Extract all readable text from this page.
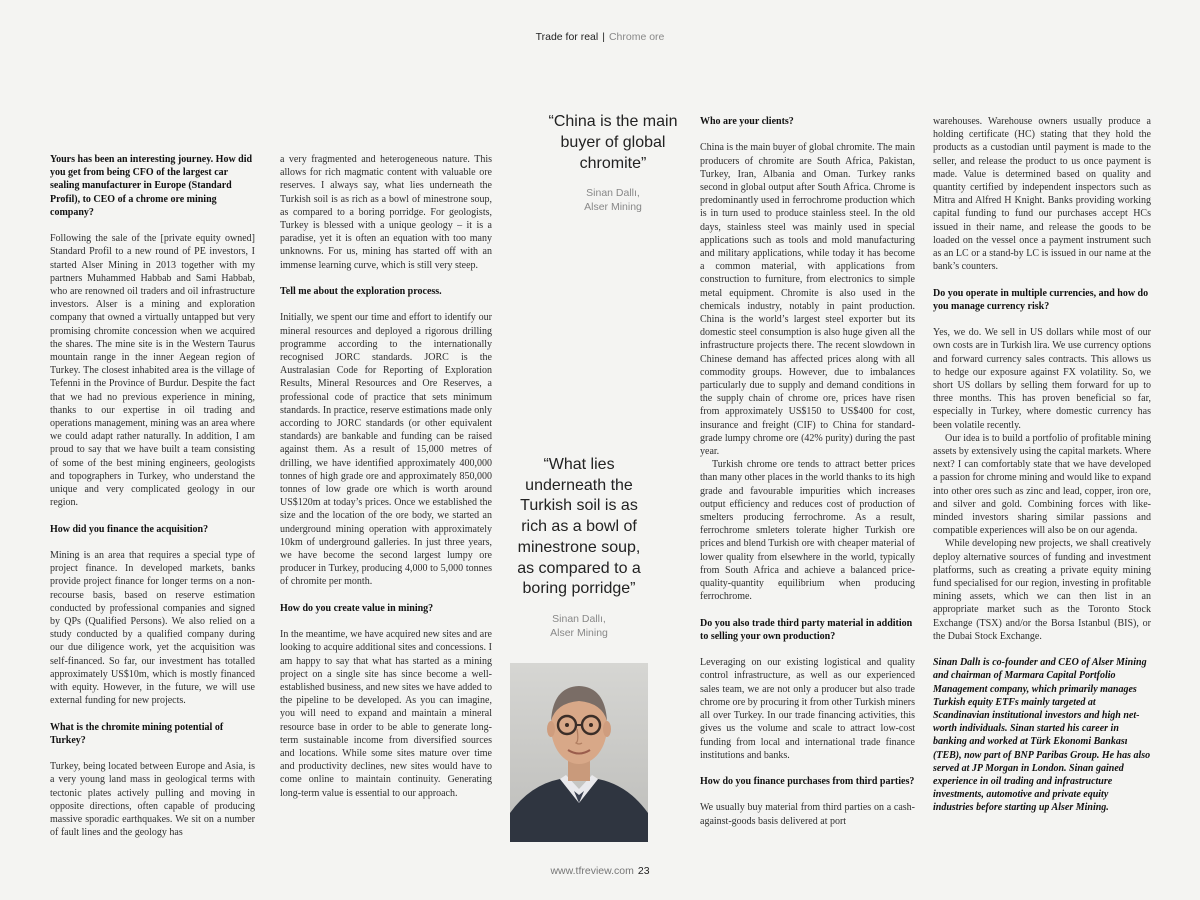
Trade for real | Chrome ore

Yours has been an interesting journey. How did you get from being CFO of the largest car sealing manufacturer in Europe (Standard Profil), to CEO of a chrome ore mining company?

Following the sale of the [private equity owned] Standard Profil to a new round of PE investors, I started Alser Mining in 2013 together with my partners Muhammed Habbab and Sami Habbab, who are renowned oil traders and oil infrastructure investors. Alser is a mining and exploration company that owned a virtually untapped but very promising chromite concession when we acquired the shares. The mine site is in the Western Taurus mountain range in the inner Aegean region of Turkey. The closest inhabited area is the village of Tefenni in the Province of Burdur. Despite the fact that we had no previous experience in mining, thanks to our expertise in oil trading and operations management, mining was an area where we could adapt rather naturally. In addition, I am proud to say that we have built a team consisting of some of the best mining engineers, geologists and topographers in Turkey, who understand the unique and very complicated geology in our region.

How did you finance the acquisition?

Mining is an area that requires a special type of project finance. In developed markets, banks provide project finance for longer terms on a non-recourse basis, based on reserve estimation conducted by professional companies and signed by QPs (Qualified Persons). We also relied on a study conducted by a qualified company during our due diligence work, yet the acquisition was self-financed. So far, our investment has totalled approximately US$10m, which is mostly financed with equity. However, in the future, we will use external funding for new projects.

What is the chromite mining potential of Turkey?

Turkey, being located between Europe and Asia, is a very young land mass in geological terms with tectonic plates actively pulling and moving in opposite directions, often capable of producing massive sporadic earthquakes. We sit on a number of fault lines and the geology has

a very fragmented and heterogeneous nature. This allows for rich magmatic content with valuable ore reserves. I always say, what lies underneath the Turkish soil is as rich as a bowl of minestrone soup, as compared to a boring porridge. For geologists, Turkey is blessed with a unique geology – it is a paradise, yet it is often an equation with too many unknowns. For us, mining has started off with an immense learning curve, which is still very steep.

Tell me about the exploration process.

Initially, we spent our time and effort to identify our mineral resources and deployed a rigorous drilling programme according to the internationally recognised JORC standards. JORC is the Australasian Code for Reporting of Exploration Results, Mineral Resources and Ore Reserves, a professional code of practice that sets minimum standards. In practice, reserve estimations made only according to JORC standards (or other equivalent standards) are bankable and funding can be raised against them. As a result of 15,000 metres of drilling, we have identified approximately 400,000 tonnes of high grade ore and approximately 850,000 tonnes of low grade ore which is worth around US$120m at today’s prices. Once we established the size and the location of the ore body, we started an underground mining operation with approximately 10km of underground galleries. In just three years, we have become the second largest lumpy ore producer in Turkey, producing 4,000 to 5,000 tonnes of chromite per month.

How do you create value in mining?

In the meantime, we have acquired new sites and are looking to acquire additional sites and concessions. I am happy to say that what has started as a mining project on a single site has since become a well-established business, and new sites we have added to the pipeline to be developed. As you can imagine, you will need to expand and maintain a mineral resource base in order to be able to generate long-term sustainable income from diversified sources and locations. While some sites mature over time and productivity declines, new sites would have to come online to maintain continuity. Generating long-term value is essential to our approach.

“China is the main buyer of global chromite”
Sinan Dallı,
Alser Mining
“What lies underneath the Turkish soil is as rich as a bowl of minestrone soup, as compared to a boring porridge”
Sinan Dallı,
Alser Mining

Who are your clients?

China is the main buyer of global chromite. The main producers of chromite are South Africa, Pakistan, Turkey, Iran, Albania and Oman. Turkey ranks second in global output after South Africa. Chrome is predominantly used in ferrochrome production which is in turn used to produce stainless steel. In the old days, stainless steel was mainly used in special applications such as tools and mold manufacturing and military applications, while today it has become a common material, with applications from construction to furniture, from electronics to simple metal equipment. Chromite is also used in the chemicals industry, notably in paint production. China is the world’s largest steel exporter but its domestic steel consumption is also huge given all the infrastructure projects there. The recent slowdown in Chinese demand has affected prices along with all commodity groups. However, due to imbalances particularly due to supply and demand conditions in the supply chain of chrome ore, prices have risen from approximately US$150 to US$400 for cost, insurance and freight (CIF) to China for standard-grade lumpy chrome ore (42% purity) during the past year.

Turkish chrome ore tends to attract better prices than many other places in the world thanks to its high grade and favourable impurities which increases output efficiency and reduces cost of production of smelters producing ferrochrome. As a result, ferrochrome smleters tolerate higher Turkish ore prices and blend Turkish ore with cheaper material of lower quality from elsewhere in the world, typically from South Africa and achieve a balanced price-quality-quantity equilibrium when producing ferrochrome.

Do you also trade third party material in addition to selling your own production?

Leveraging on our existing logistical and quality control infrastructure, as well as our experienced sales team, we are not only a producer but also trade chrome ore by procuring it from other Turkish miners all over Turkey. In our trade financing activities, this gives us the volume and scale to attract low-cost funding from local and international trade finance institutions and banks.

How do you finance purchases from third parties?

We usually buy material from third parties on a cash-against-goods basis delivered at port

warehouses. Warehouse owners usually produce a holding certificate (HC) stating that they hold the products as a custodian until payment is made to the seller, and release the product to us once payment is made. Value is determined based on quality and quantity certified by independent inspectors such as Mitra and Alfred H Knight. Banks providing working capital funding to fund our purchases accept HCs issued in their name, and release the goods to be loaded on the vessel once a payment instrument such as an LC or a stand-by LC is issued in our name at the bank’s counters.

Do you operate in multiple currencies, and how do you manage currency risk?

Yes, we do. We sell in US dollars while most of our own costs are in Turkish lira. We use currency options and forward currency sales contracts. This allows us to hedge our exposure against FX volatility. So, we short US dollars by selling them forward for up to three months. This has proven beneficial so far, especially in Turkey, where domestic currency has been volatile recently.

Our idea is to build a portfolio of profitable mining assets by extensively using the capital markets. Where next? I can comfortably state that we have developed a passion for chrome mining and would like to expand into other ores such as zinc and lead, copper, iron ore, and silver and gold. Combining forces with like-minded investors sharing similar passions and compatible experiences will also be on our agenda.

While developing new projects, we shall creatively deploy alternative sources of funding and investment platforms, such as creating a private equity mining fund specialised for our region, investing in profitable mining assets, which we can then list in an appropriate market such as the Toronto Stock Exchange (TSX) and/or the Borsa Istanbul (BIS), or the Dubai Stock Exchange.

Sinan Dallı is co-founder and CEO of Alser Mining and chairman of Marmara Capital Portfolio Management company, which primarily manages Turkish equity ETFs mainly targeted at Scandinavian institutional investors and high net-worth individuals. Sinan started his career in banking and worked at Türk Ekonomi Bankası (TEB), now part of BNP Paribas Group. He has also served at JP Morgan in London. Sinan gained experience in oil trading and infrastructure investments, automotive and private equity industries before starting up Alser Mining.

www.tfreview.com 23
